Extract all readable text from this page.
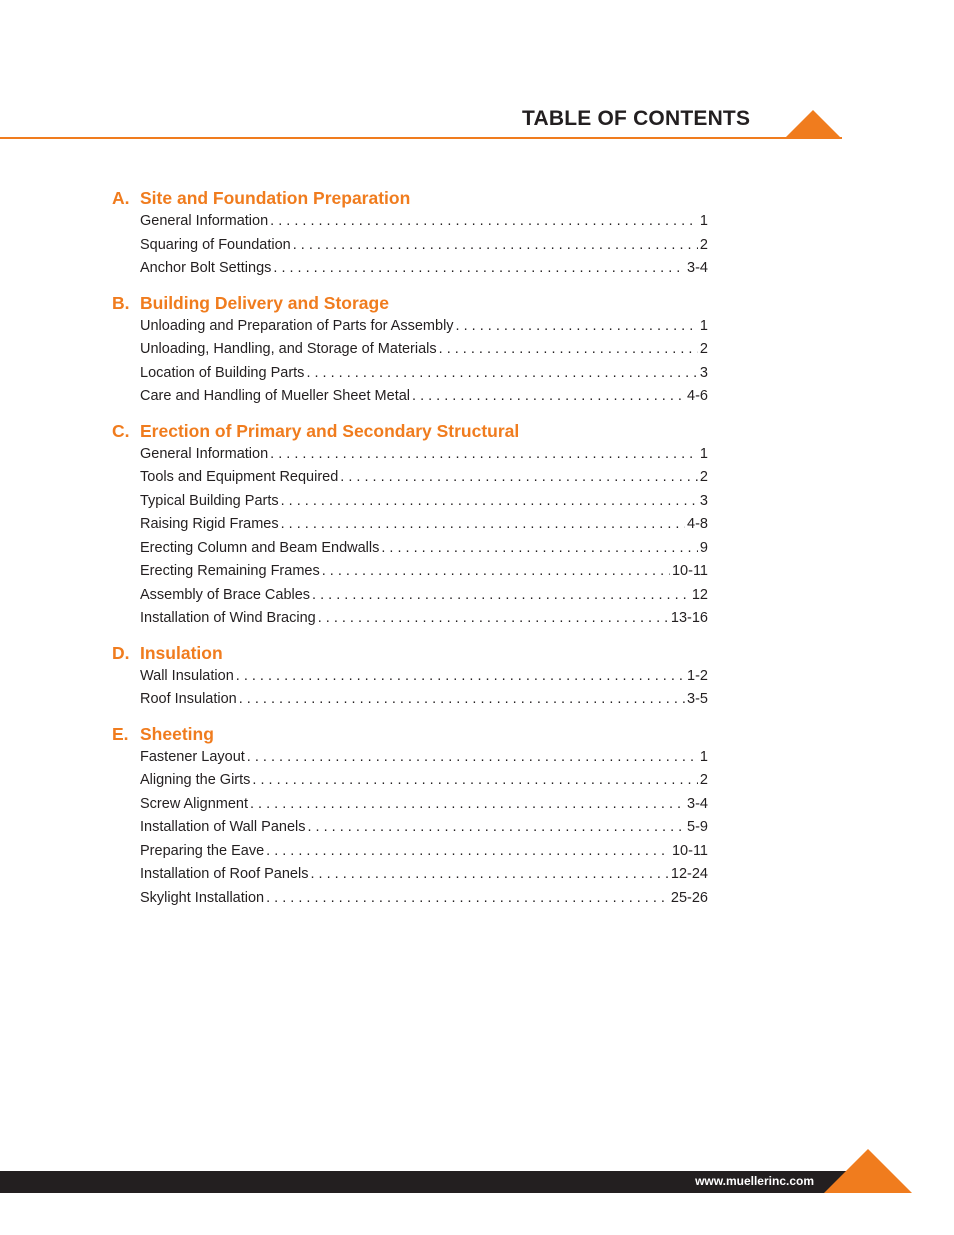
TABLE OF CONTENTS
A. Site and Foundation Preparation
General Information . . .	1
Squaring of Foundation . . .	2
Anchor Bolt Settings . . .	3-4
B. Building Delivery and Storage
Unloading and Preparation of Parts for Assembly . . .	1
Unloading, Handling, and Storage of Materials . . .	2
Location of Building Parts . . .	3
Care and Handling of Mueller Sheet Metal . . .	4-6
C. Erection of Primary and Secondary Structural
General Information . . .	1
Tools and Equipment Required . . .	2
Typical Building Parts . . .	3
Raising Rigid Frames . . .	4-8
Erecting Column and Beam Endwalls . . .	9
Erecting Remaining Frames . . .	10-11
Assembly of Brace Cables . . .	12
Installation of Wind Bracing . . .	13-16
D. Insulation
Wall Insulation . . .	1-2
Roof Insulation . . .	3-5
E. Sheeting
Fastener Layout . . .	1
Aligning the Girts . . .	2
Screw Alignment . . .	3-4
Installation of Wall Panels . . .	5-9
Preparing the Eave . . .	10-11
Installation of Roof Panels . . .	12-24
Skylight Installation . . .	25-26
www.muellerinc.com
